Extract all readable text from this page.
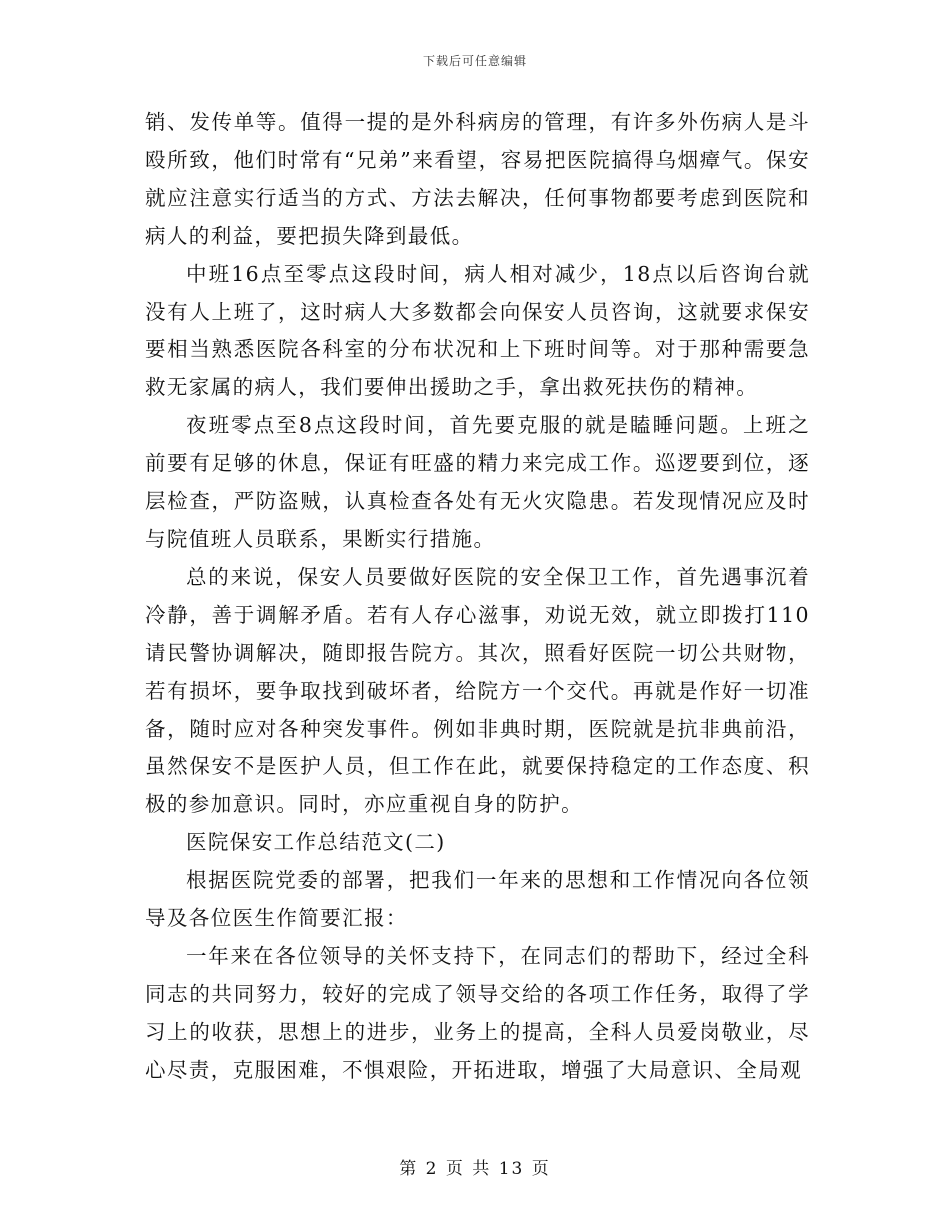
下载后可任意编辑

销、发传单等。值得一提的是外科病房的管理，有许多外伤病人是斗殴所致，他们时常有“兄弟”来看望，容易把医院搞得乌烟瘴气。保安就应注意实行适当的方式、方法去解决，任何事物都要考虑到医院和病人的利益，要把损失降到最低。

中班16点至零点这段时间，病人相对减少，18点以后咨询台就没有人上班了，这时病人大多数都会向保安人员咨询，这就要求保安要相当熟悉医院各科室的分布状况和上下班时间等。对于那种需要急救无家属的病人，我们要伸出援助之手，拿出救死扶伤的精神。

夜班零点至8点这段时间，首先要克服的就是瞌睡问题。上班之前要有足够的休息，保证有旺盛的精力来完成工作。巡逻要到位，逐层检查，严防盗贼，认真检查各处有无火灾隐患。若发现情况应及时与院值班人员联系，果断实行措施。

总的来说，保安人员要做好医院的安全保卫工作，首先遇事沉着冷静，善于调解矛盾。若有人存心滋事，劝说无效，就立即拨打110请民警协调解决，随即报告院方。其次，照看好医院一切公共财物，若有损坏，要争取找到破坏者，给院方一个交代。再就是作好一切准备，随时应对各种突发事件。例如非典时期，医院就是抗非典前沿，虽然保安不是医护人员，但工作在此，就要保持稳定的工作态度、积极的参加意识。同时，亦应重视自身的防护。

医院保安工作总结范文(二)

根据医院党委的部署，把我们一年来的思想和工作情况向各位领导及各位医生作简要汇报：

一年来在各位领导的关怀支持下，在同志们的帮助下，经过全科同志的共同努力，较好的完成了领导交给的各项工作任务，取得了学习上的收获，思想上的进步，业务上的提高，全科人员爱岗敬业，尽心尽责，克服困难，不惧艰险，开拓进取，增强了大局意识、全局观

第 2 页 共 13 页
